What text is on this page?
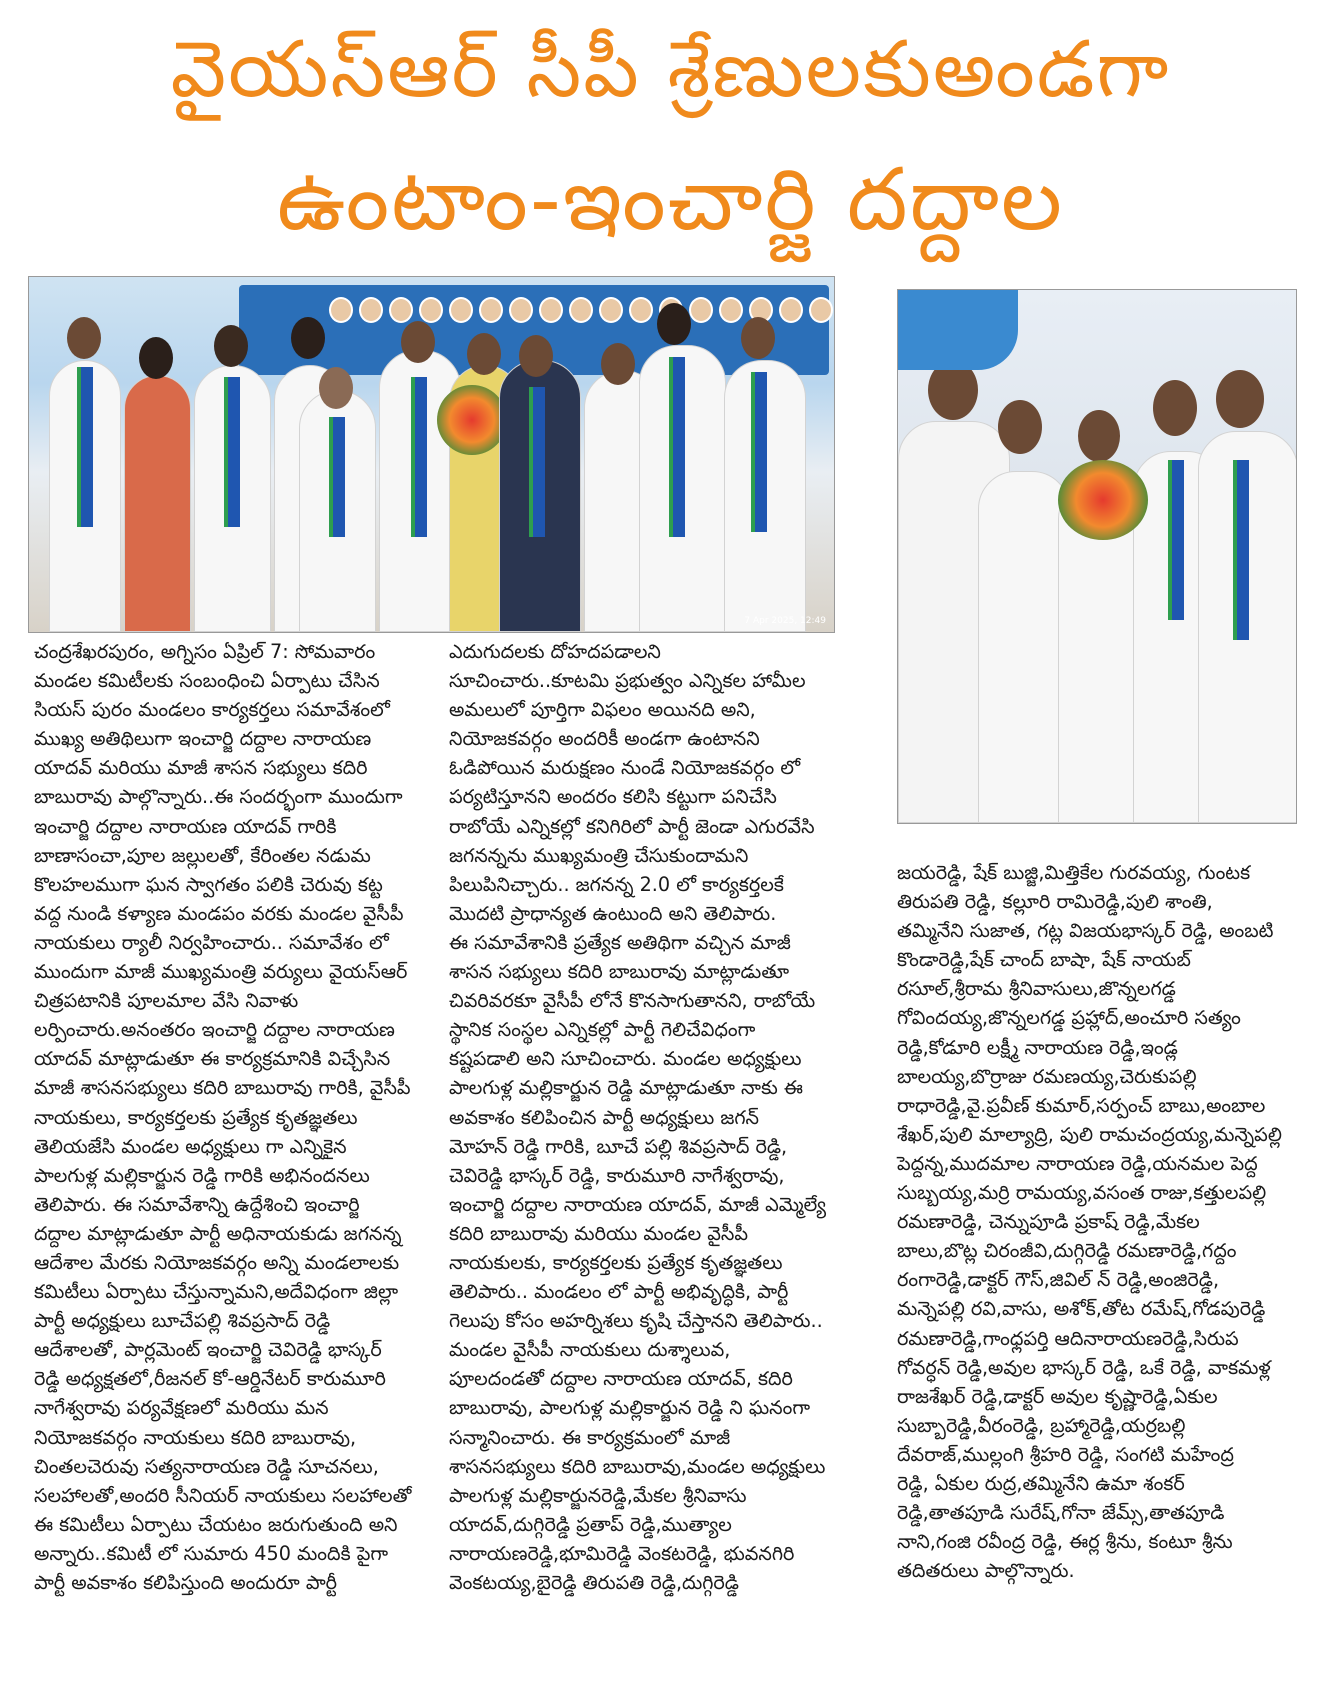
వైయస్ఆర్ సీపీ శ్రేణులకుఅండగా
ఉంటాం-ఇంచార్జి దద్దాల
7 Apr 2025, 12:49

చంద్రశేఖరపురం, అగ్నిసం ఏప్రిల్ 7: సోమవారం

మండల కమిటీలకు సంబంధించి ఏర్పాటు చేసిన

సియస్ పురం మండలం కార్యకర్తలు సమావేశంలో

ముఖ్య అతిథిలుగా ఇంచార్జి దద్దాల నారాయణ

యాదవ్ మరియు మాజీ శాసన సభ్యులు కదిరి

బాబురావు పాల్గొన్నారు..ఈ సందర్భంగా ముందుగా

ఇంచార్జి దద్దాల నారాయణ యాదవ్ గారికి

బాణాసంచా,పూల జల్లులతో, కేరింతల నడుమ

కొలహలముగా ఘన స్వాగతం పలికి చెరువు కట్ట

వద్ద నుండి కళ్యాణ మండపం వరకు మండల వైసీపీ

నాయకులు ర్యాలీ నిర్వహించారు.. సమావేశం లో

ముందుగా మాజీ ముఖ్యమంత్రి వర్యులు వైయస్ఆర్

చిత్రపటానికి పూలమాల వేసి నివాళు

లర్పించారు.అనంతరం ఇంచార్జి దద్దాల నారాయణ

యాదవ్ మాట్లాడుతూ ఈ కార్యక్రమానికి విచ్చేసిన

మాజీ శాసనసభ్యులు కదిరి బాబురావు గారికి, వైసీపీ

నాయకులు, కార్యకర్తలకు ప్రత్యేక కృతజ్ఞతలు

తెలియజేసి మండల అధ్యక్షులు గా ఎన్నికైన

పాలగుళ్ల మల్లికార్జున రెడ్డి గారికి అభినందనలు

తెలిపారు. ఈ సమావేశాన్ని ఉద్దేశించి ఇంచార్జి

దద్దాల మాట్లాడుతూ పార్టీ అధినాయకుడు జగనన్న

ఆదేశాల మేరకు నియోజకవర్గం అన్ని మండలాలకు

కమిటీలు ఏర్పాటు చేస్తున్నామని,అదేవిధంగా జిల్లా

పార్టీ అధ్యక్షులు బూచేపల్లి శివప్రసాద్ రెడ్డి

ఆదేశాలతో, పార్లమెంట్ ఇంచార్జి చెవిరెడ్డి భాస్కర్

రెడ్డి అధ్యక్షతలో,రీజనల్ కో-ఆర్డినేటర్ కారుమూరి

నాగేశ్వరావు పర్యవేక్షణలో మరియు మన

నియోజకవర్గం నాయకులు కదిరి బాబురావు,

చింతలచెరువు సత్యనారాయణ రెడ్డి సూచనలు,

సలహాలతో,అందరి సీనియర్ నాయకులు సలహాలతో

ఈ కమిటీలు ఏర్పాటు చేయటం జరుగుతుంది అని

అన్నారు..కమిటీ లో సుమారు 450 మందికి పైగా

పార్టీ అవకాశం కలిపిస్తుంది అందురూ పార్టీ

ఎదుగుదలకు దోహదపడాలని

సూచించారు..కూటమి ప్రభుత్వం ఎన్నికల హామీల

అమలులో పూర్తిగా విఫలం అయినది అని,

నియోజకవర్గం అందరికీ అండగా ఉంటానని

ఓడిపోయిన మరుక్షణం నుండే నియోజకవర్గం లో

పర్యటిస్తూనని అందరం కలిసి కట్టుగా పనిచేసి

రాబోయే ఎన్నికల్లో కనిగిరిలో పార్టీ జెండా ఎగురవేసి

జగనన్నను ముఖ్యమంత్రి చేసుకుందామని

పిలుపినిచ్చారు.. జగనన్న 2.0 లో కార్యకర్తలకే

మొదటి ప్రాధాన్యత ఉంటుంది అని తెలిపారు.

ఈ సమావేశానికి ప్రత్యేక అతిథిగా వచ్చిన మాజీ

శాసన సభ్యులు కదిరి బాబురావు మాట్లాడుతూ

చివరివరకూ వైసీపీ లోనే కొనసాగుతానని, రాబోయే

స్థానిక సంస్థల ఎన్నికల్లో పార్టీ గెలిచేవిధంగా

కష్టపడాలి అని సూచించారు. మండల అధ్యక్షులు

పాలగుళ్ల మల్లికార్జున రెడ్డి మాట్లాడుతూ నాకు ఈ

అవకాశం కలిపించిన పార్టీ అధ్యక్షులు జగన్

మోహన్ రెడ్డి గారికి, బూచే పల్లి శివప్రసాద్ రెడ్డి,

చెవిరెడ్డి భాస్కర్ రెడ్డి, కారుమూరి నాగేశ్వరావు,

ఇంచార్జి దద్దాల నారాయణ యాదవ్, మాజీ ఎమ్మెల్యే

కదిరి బాబురావు మరియు మండల వైసీపీ

నాయకులకు, కార్యకర్తలకు ప్రత్యేక కృతజ్ఞతలు

తెలిపారు.. మండలం లో పార్టీ అభివృద్ధికి, పార్టీ

గెలుపు కోసం అహర్నిశలు కృషి చేస్తానని తెలిపారు..

మండల వైసీపీ నాయకులు దుశ్శాలువ,

పూలదండతో దద్దాల నారాయణ యాదవ్, కదిరి

బాబురావు, పాలగుళ్ల మల్లికార్జున రెడ్డి ని ఘనంగా

సన్మానించారు. ఈ కార్యక్రమంలో మాజీ

శాసనసభ్యులు కదిరి బాబురావు,మండల అధ్యక్షులు

పాలగుళ్ల మల్లికార్జునరెడ్డి,మేకల శ్రీనివాసు

యాదవ్,దుగ్గిరెడ్డి ప్రతాప్ రెడ్డి,ముత్యాల

నారాయణరెడ్డి,భూమిరెడ్డి వెంకటరెడ్డి, భువనగిరి

వెంకటయ్య,బైరెడ్డి తిరుపతి రెడ్డి,దుగ్గిరెడ్డి

జయరెడ్డి, షేక్ బుజ్జి,మిత్తికేల గురవయ్య, గుంటక

తిరుపతి రెడ్డి, కల్లూరి రామిరెడ్డి,పులి శాంతి,

తమ్మినేని సుజాత, గట్ల విజయభాస్కర్ రెడ్డి, అంబటి

కొండారెడ్డి,షేక్ చాంద్ బాషా, షేక్ నాయబ్

రసూల్,శ్రీరామ శ్రీనివాసులు,జొన్నలగడ్డ

గోవిందయ్య,జొన్నలగడ్డ ప్రహ్లాద్,అంచూరి సత్యం

రెడ్డి,కోడూరి లక్ష్మీ నారాయణ రెడ్డి,ఇండ్ల

బాలయ్య,బొర్రాజు రమణయ్య,చెరుకుపల్లి

రాధారెడ్డి,వై.ప్రవీణ్ కుమార్,సర్పంచ్ బాబు,అంబాల

శేఖర్,పులి మాల్యాద్రి, పులి రామచంద్రయ్య,మన్నెపల్లి

పెద్దన్న,ముదమాల నారాయణ రెడ్డి,యనమల పెద్ద

సుబ్బయ్య,మర్రి రామయ్య,వసంత రాజు,కత్తులపల్లి

రమణారెడ్డి, చెన్నుపూడి ప్రకాష్ రెడ్డి,మేకల

బాలు,బొట్ల చిరంజీవి,దుగ్గిరెడ్డి రమణారెడ్డి,గద్దం

రంగారెడ్డి,డాక్టర్ గౌస్,జివిల్ న్ రెడ్డి,అంజిరెడ్డి,

మన్నెపల్లి రవి,వాసు, అశోక్,తోట రమేష్,గోడపురెడ్డి

రమణారెడ్డి,గాంధ్లపర్తి ఆదినారాయణరెడ్డి,సిరుప

గోవర్ధన్ రెడ్డి,అవుల భాస్కర్ రెడ్డి, ఒకే రెడ్డి, వాకమళ్ల

రాజశేఖర్ రెడ్డి,డాక్టర్ అవుల కృష్ణారెడ్డి,ఏకుల

సుబ్బారెడ్డి,వీరంరెడ్డి, బ్రహ్మారెడ్డి,యర్రబల్లి

దేవరాజ్,ముల్లంగి శ్రీహరి రెడ్డి, సంగటి మహేంద్ర

రెడ్డి, ఏకుల రుద్ర,తమ్మినేని ఉమా శంకర్

రెడ్డి,తాతపూడి సురేష్,గోనా జేమ్స్,తాతపూడి

నాని,గంజి రవీంద్ర రెడ్డి, ఈర్ల శ్రీను, కంటూ శ్రీను

తదితరులు పాల్గొన్నారు.
